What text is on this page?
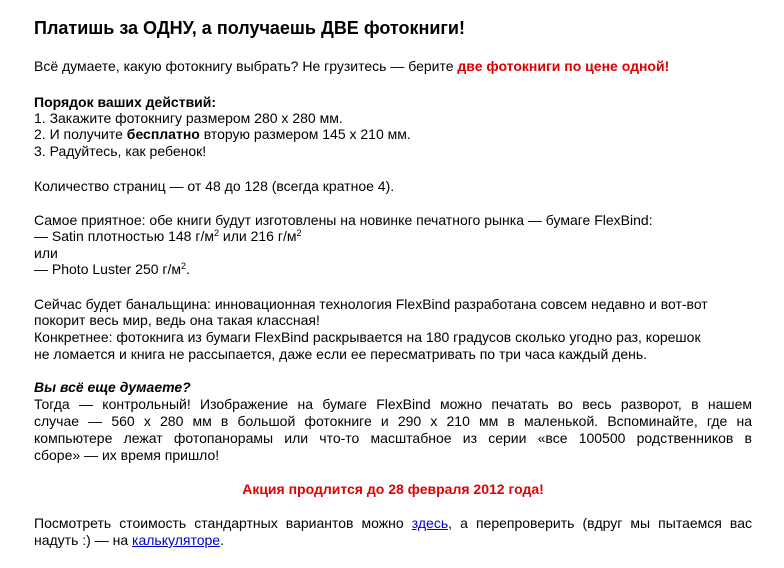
Платишь за ОДНУ, а получаешь ДВЕ фотокниги!
Всё думаете, какую фотокнигу выбрать? Не грузитесь — берите две фотокниги по цене одной!
Порядок ваших действий:
1. Закажите фотокнигу размером 280 x 280 мм.
2. И получите бесплатно вторую размером 145 x 210 мм.
3. Радуйтесь, как ребенок!
Количество страниц — от 48 до 128 (всегда кратное 4).
Самое приятное: обе книги будут изготовлены на новинке печатного рынка — бумаге FlexBind:
— Satin плотностью 148 $г/м^2$ или 216 $г/м^2$
или
— Photo Luster 250 $г/м^2$.
Сейчас будет банальщина: инновационная технология FlexBind разработана совсем недавно и вот-вот
покорит весь мир, ведь она такая классная!
Конкретнее: фотокнига из бумаги FlexBind раскрывается на 180 градусов сколько угодно раз, корешок
не ломается и книга не рассыпается, даже если ее пересматривать по три часа каждый день.
Вы всё еще думаете?
Тогда — контрольный! Изображение на бумаге FlexBind можно печатать во весь разворот, в нашем
случае — 560 x 280 мм в большой фотокниге и 290 x 210 мм в маленькой. Вспоминайте, где на
компьютере лежат фотопанорамы или что-то масштабное из серии «все 100500 родственников в
сборе» — их время пришло!
Акция продлится до 28 февраля 2012 года!
Посмотреть стоимость стандартных вариантов можно здесь, а перепроверить (вдруг мы пытаемся вас
надуть :) — на калькуляторе.
